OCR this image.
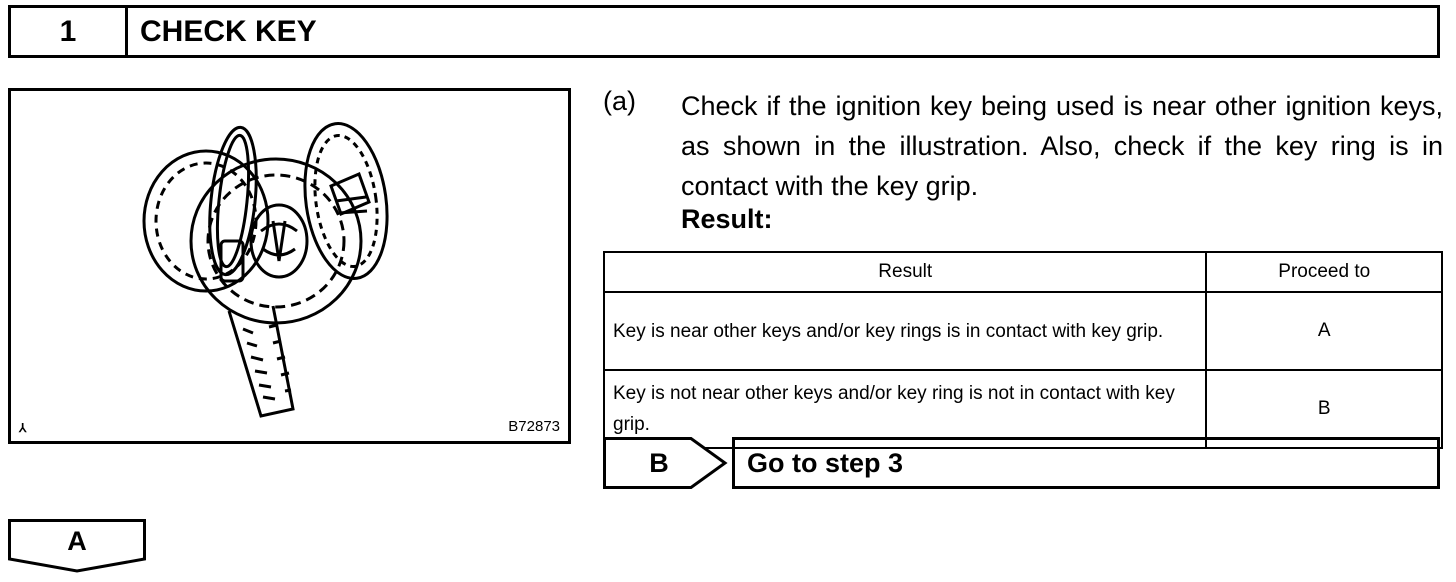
1	CHECK KEY
⅄	B72873
(a) Check if the ignition key being used is near other ignition keys, as shown in the illustration. Also, check if the key ring is in contact with the key grip.
Result:
Result	Proceed to
Key is near other keys and/or key rings is in contact with key grip.	A
Key is not near other keys and/or key ring is not in contact with key grip.	B
B	Go to step 3
A
